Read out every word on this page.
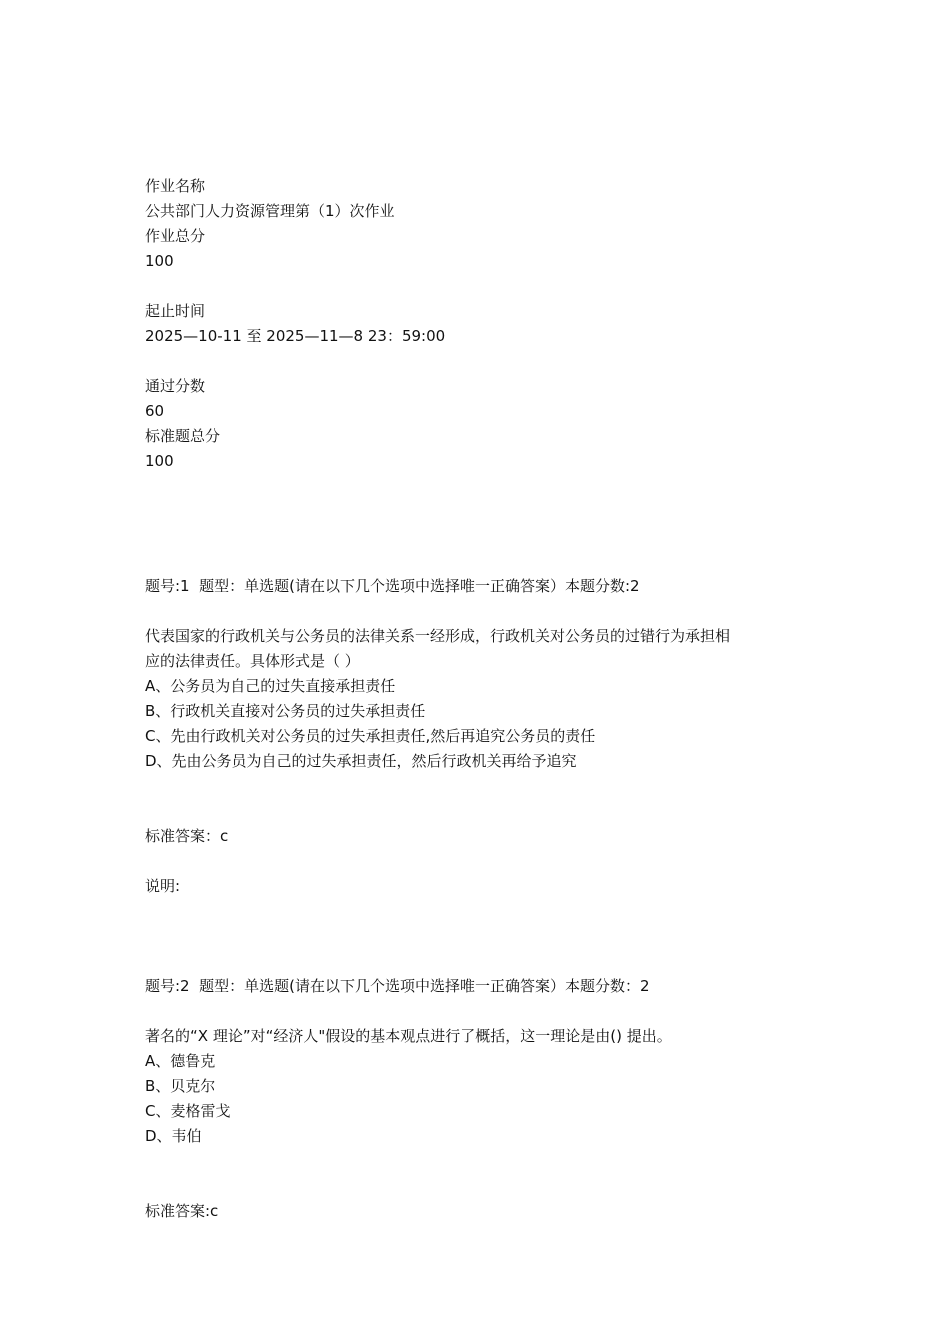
作业名称
公共部门人力资源管理第（1）次作业
作业总分
100
起止时间
2025—10-11 至 2025—11—8 23：59:00
通过分数
60
标准题总分
100
题号:1  题型：单选题(请在以下几个选项中选择唯一正确答案）本题分数:2
代表国家的行政机关与公务员的法律关系一经形成，行政机关对公务员的过错行为承担相
应的法律责任。具体形式是（ ）
A、公务员为自己的过失直接承担责任
B、行政机关直接对公务员的过失承担责任
C、先由行政机关对公务员的过失承担责任,然后再追究公务员的责任
D、先由公务员为自己的过失承担责任，然后行政机关再给予追究
标准答案：c
说明:
题号:2  题型：单选题(请在以下几个选项中选择唯一正确答案）本题分数：2
著名的“X 理论”对“经济人"假设的基本观点进行了概括，这一理论是由() 提出。
A、德鲁克
B、贝克尔
C、麦格雷戈
D、韦伯
标准答案:c
